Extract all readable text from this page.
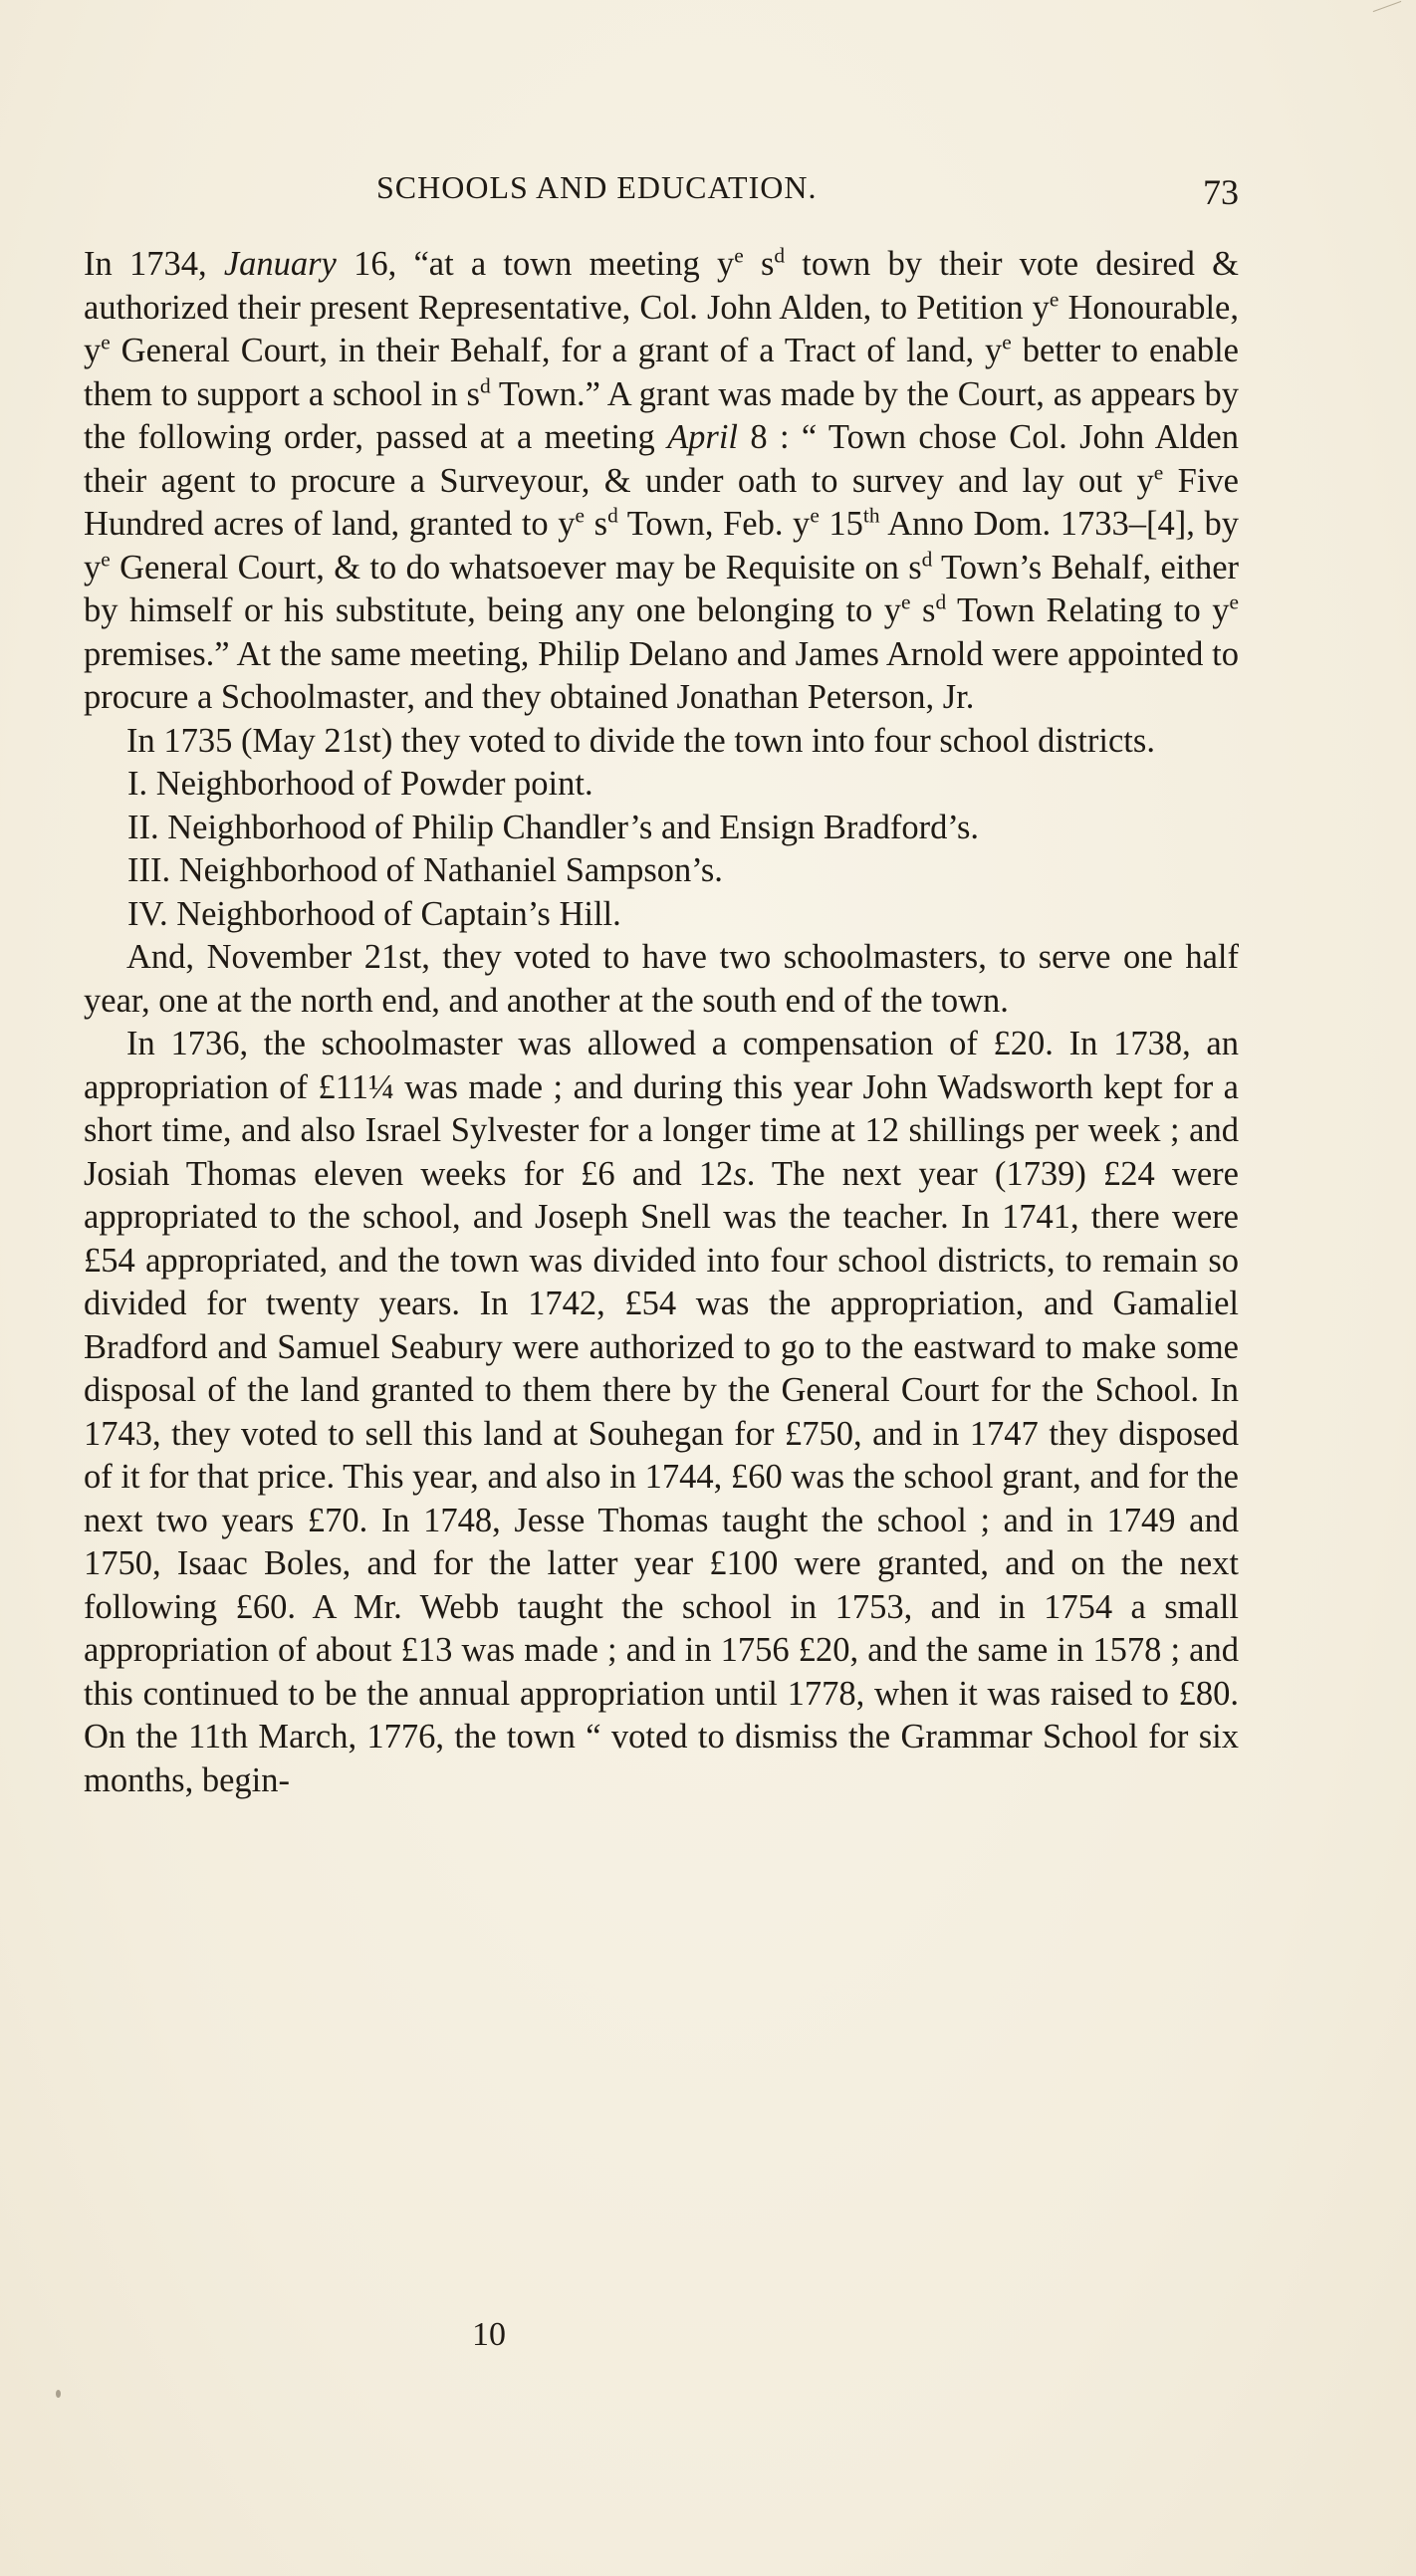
SCHOOLS AND EDUCATION.	73

In 1734, January 16, “at a town meeting $y^e$ $s^d$ town by their vote desired & authorized their present Representative, Col. John Alden, to Petition $y^e$ Honourable, $y^e$ General Court, in their Behalf, for a grant of a Tract of land, $y^e$ better to enable them to support a school in $s^d$ Town.” A grant was made by the Court, as appears by the following order, passed at a meeting April 8 : “ Town chose Col. John Alden their agent to procure a Surveyour, & under oath to survey and lay out $y^e$ Five Hundred acres of land, granted to $y^e$ $s^d$ Town, Feb. $y^e$ 15th Anno Dom. 1733–[4], by $y^e$ General Court, & to do whatsoever may be Requisite on $s^d$ Town’s Behalf, either by himself or his substitute, being any one belonging to $y^e$ $s^d$ Town Relating to $y^e$ premises.” At the same meeting, Philip Delano and James Arnold were appointed to procure a Schoolmaster, and they obtained Jonathan Peterson, Jr.

In 1735 (May 21st) they voted to divide the town into four school districts.

I. Neighborhood of Powder point.

II. Neighborhood of Philip Chandler’s and Ensign Bradford’s.

III. Neighborhood of Nathaniel Sampson’s.

IV. Neighborhood of Captain’s Hill.

And, November 21st, they voted to have two schoolmasters, to serve one half year, one at the north end, and another at the south end of the town.

In 1736, the schoolmaster was allowed a compensation of £20. In 1738, an appropriation of £11¼ was made ; and during this year John Wadsworth kept for a short time, and also Israel Sylvester for a longer time at 12 shillings per week ; and Josiah Thomas eleven weeks for £6 and 12s. The next year (1739) £24 were appropriated to the school, and Joseph Snell was the teacher. In 1741, there were £54 appropriated, and the town was divided into four school districts, to remain so divided for twenty years. In 1742, £54 was the appropriation, and Gamaliel Bradford and Samuel Seabury were authorized to go to the eastward to make some disposal of the land granted to them there by the General Court for the School. In 1743, they voted to sell this land at Souhegan for £750, and in 1747 they disposed of it for that price. This year, and also in 1744, £60 was the school grant, and for the next two years £70. In 1748, Jesse Thomas taught the school ; and in 1749 and 1750, Isaac Boles, and for the latter year £100 were granted, and on the next following £60. A Mr. Webb taught the school in 1753, and in 1754 a small appropriation of about £13 was made ; and in 1756 £20, and the same in 1578 ; and this continued to be the annual appropriation until 1778, when it was raised to £80. On the 11th March, 1776, the town “ voted to dismiss the Grammar School for six months, begin-

10
